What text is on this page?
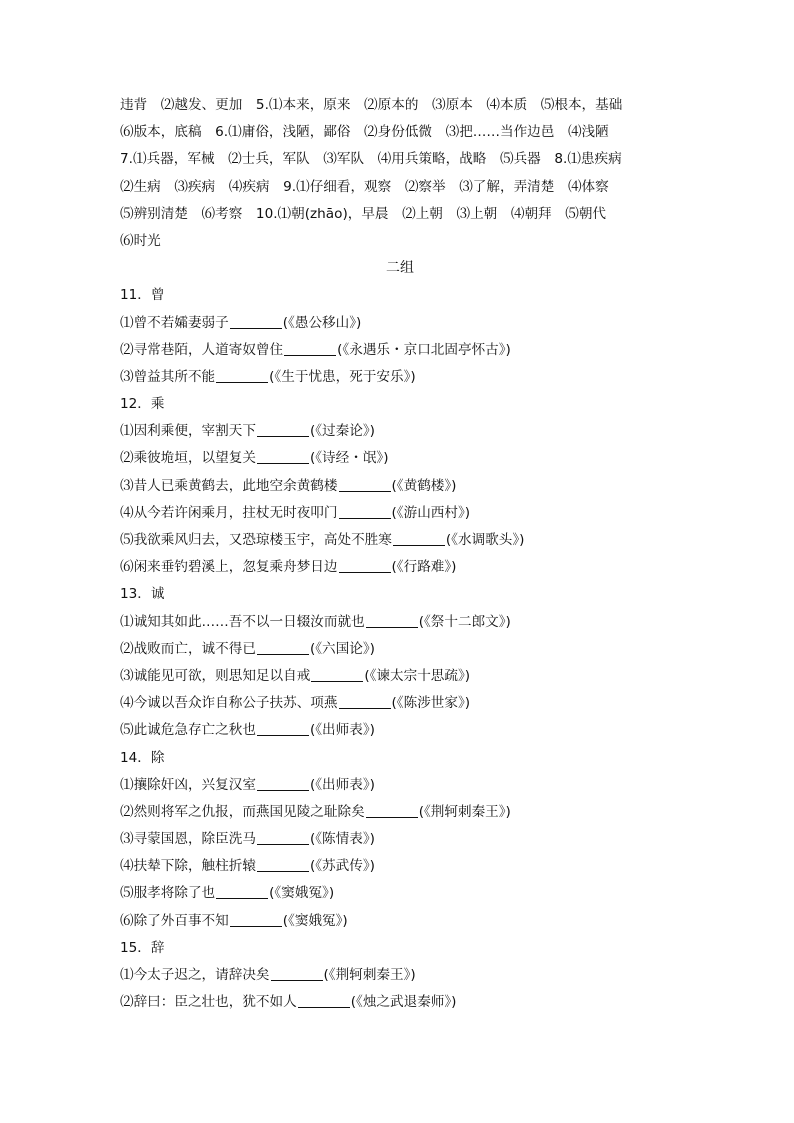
违背　⑵越发、更加　5.⑴本来，原来　⑵原本的　⑶原本　⑷本质　⑸根本，基础
⑹版本，底稿　6.⑴庸俗，浅陋，鄙俗　⑵身份低微　⑶把……当作边邑　⑷浅陋
7.⑴兵器，军械　⑵士兵，军队　⑶军队　⑷用兵策略，战略　⑸兵器　8.⑴患疾病
⑵生病　⑶疾病　⑷疾病　9.⑴仔细看，观察　⑵察举　⑶了解，弄清楚　⑷体察
⑸辨别清楚　⑹考察　10.⑴朝(zhāo)，早晨　⑵上朝　⑶上朝　⑷朝拜　⑸朝代
⑹时光
二组
11．曾
⑴曾不若孀妻弱子	(《愚公移山》)
⑵寻常巷陌，人道寄奴曾住	(《永遇乐・京口北固亭怀古》)
⑶曾益其所不能	(《生于忧患，死于安乐》)
12．乘
⑴因利乘便，宰割天下	(《过秦论》)
⑵乘彼垝垣，以望复关	(《诗经・氓》)
⑶昔人已乘黄鹤去，此地空余黄鹤楼	(《黄鹤楼》)
⑷从今若许闲乘月，拄杖无时夜叩门	(《游山西村》)
⑸我欲乘风归去，又恐琼楼玉宇，高处不胜寒	(《水调歌头》)
⑹闲来垂钓碧溪上，忽复乘舟梦日边	(《行路难》)
13．诚
⑴诚知其如此……吾不以一日辍汝而就也	(《祭十二郎文》)
⑵战败而亡，诚不得已	(《六国论》)
⑶诚能见可欲，则思知足以自戒	(《谏太宗十思疏》)
⑷今诚以吾众诈自称公子扶苏、项燕	(《陈涉世家》)
⑸此诚危急存亡之秋也	(《出师表》)
14．除
⑴攘除奸凶，兴复汉室	(《出师表》)
⑵然则将军之仇报，而燕国见陵之耻除矣	(《荆轲刺秦王》)
⑶寻蒙国恩，除臣洗马	(《陈情表》)
⑷扶辇下除，触柱折辕	(《苏武传》)
⑸服孝将除了也	(《窦娥冤》)
⑹除了外百事不知	(《窦娥冤》)
15．辞
⑴今太子迟之，请辞决矣	(《荆轲刺秦王》)
⑵辞曰：臣之壮也，犹不如人	(《烛之武退秦师》)
